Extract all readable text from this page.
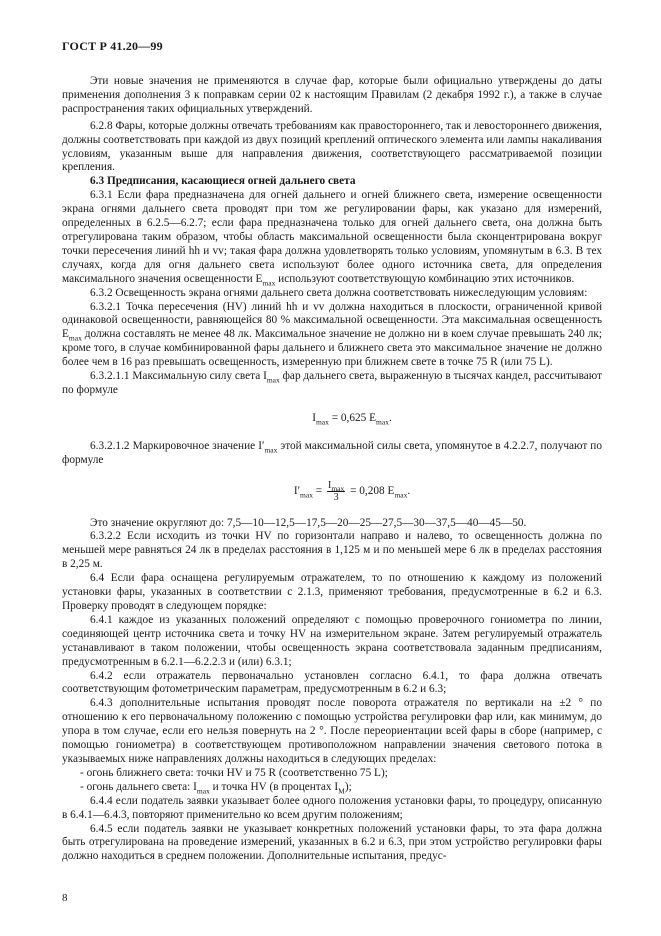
ГОСТ Р 41.20—99

Эти новые значения не применяются в случае фар, которые были официально утверждены до даты применения дополнения 3 к поправкам серии 02 к настоящим Правилам (2 декабря 1992 г.), а также в случае распространения таких официальных утверждений.

6.2.8 Фары, которые должны отвечать требованиям как правостороннего, так и левостороннего движения, должны соответствовать при каждой из двух позиций креплений оптического элемента или лампы накаливания условиям, указанным выше для направления движения, соответствующего рассматриваемой позиции крепления.

6.3 Предписания, касающиеся огней дальнего света

6.3.1 Если фара предназначена для огней дальнего и огней ближнего света, измерение освещенности экрана огнями дальнего света проводят при том же регулировании фары, как указано для измерений, определенных в 6.2.5—6.2.7; если фара предназначена только для огней дальнего света, она должна быть отрегулирована таким образом, чтобы область максимальной освещенности была сконцентрирована вокруг точки пересечения линий hh и vv; такая фара должна удовлетворять только условиям, упомянутым в 6.3. В тех случаях, когда для огня дальнего света используют более одного источника света, для определения максимального значения освещенности $E_{max}$ используют соответствующую комбинацию этих источников.

6.3.2 Освещенность экрана огнями дальнего света должна соответствовать нижеследующим условиям:

6.3.2.1 Точка пересечения (HV) линий hh и vv должна находиться в плоскости, ограниченной кривой одинаковой освещенности, равняющейся 80 % максимальной освещенности. Эта максимальная освещенность $E_{max}$ должна составлять не менее 48 лк. Максимальное значение не должно ни в коем случае превышать 240 лк; кроме того, в случае комбинированной фары дальнего и ближнего света это максимальное значение не должно более чем в 16 раз превышать освещенность, измеренную при ближнем свете в точке 75 R (или 75 L).

6.3.2.1.1 Максимальную силу света $I_{max}$ фар дальнего света, выраженную в тысячах кандел, рассчитывают по формуле

$I_{max} = 0,625$ $E_{max}$.

6.3.2.1.2 Маркировочное значение $I'_{max}$ этой максимальной силы света, упомянутое в 4.2.2.7, получают по формуле

$I'_{max} = \frac{I_{max}}{3} = 0,208$ $E_{max}$.

Это значение округляют до: 7,5—10—12,5—17,5—20—25—27,5—30—37,5—40—45—50.

6.3.2.2 Если исходить из точки HV по горизонтали направо и налево, то освещенность должна по меньшей мере равняться 24 лк в пределах расстояния в 1,125 м и по меньшей мере 6 лк в пределах расстояния в 2,25 м.

6.4 Если фара оснащена регулируемым отражателем, то по отношению к каждому из положений установки фары, указанных в соответствии с 2.1.3, применяют требования, предусмотренные в 6.2 и 6.3. Проверку проводят в следующем порядке:

6.4.1 каждое из указанных положений определяют с помощью проверочного гониометра по линии, соединяющей центр источника света и точку HV на измерительном экране. Затем регулируемый отражатель устанавливают в таком положении, чтобы освещенность экрана соответствовала заданным предписаниям, предусмотренным в 6.2.1—6.2.2.3 и (или) 6.3.1;

6.4.2 если отражатель первоначально установлен согласно 6.4.1, то фара должна отвечать соответствующим фотометрическим параметрам, предусмотренным в 6.2 и 6.3;

6.4.3 дополнительные испытания проводят после поворота отражателя по вертикали на ±2 ° по отношению к его первоначальному положению с помощью устройства регулировки фар или, как минимум, до упора в том случае, если его нельзя повернуть на 2 °. После переориентации всей фары в сборе (например, с помощью гониометра) в соответствующем противоположном направлении значения светового потока в указываемых ниже направлениях должны находиться в следующих пределах:

- огонь ближнего света: точки HV и 75 R (соответственно 75 L);

- огонь дальнего света: $I_{max}$ и точка HV (в процентах $I_M$);

6.4.4 если податель заявки указывает более одного положения установки фары, то процедуру, описанную в 6.4.1—6.4.3, повторяют применительно ко всем другим положениям;

6.4.5 если податель заявки не указывает конкретных положений установки фары, то эта фара должна быть отрегулирована на проведение измерений, указанных в 6.2 и 6.3, при этом устройство регулировки фары должно находиться в среднем положении. Дополнительные испытания, предус-

8
